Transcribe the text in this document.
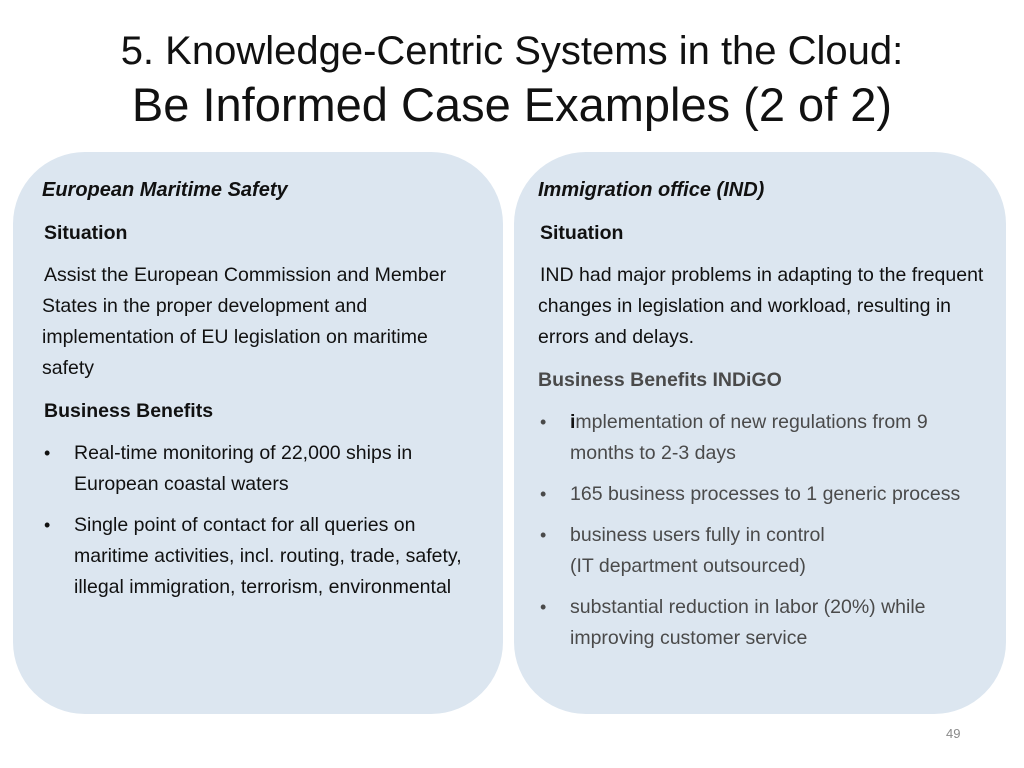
5. Knowledge-Centric Systems in the Cloud:
Be Informed Case Examples (2 of 2)
European Maritime Safety
Situation
Assist the European Commission and Member States in the proper development and implementation of EU legislation on maritime safety
Business Benefits
• Real-time monitoring of 22,000 ships in European coastal waters
• Single point of contact for all queries on maritime activities, incl. routing, trade, safety, illegal immigration, terrorism, environmental
Immigration office (IND)
Situation
IND had major problems in adapting to the frequent changes in legislation and workload, resulting in errors and delays.
Business Benefits INDiGO
• implementation of new regulations from 9 months to 2-3 days
• 165 business processes to 1 generic process
• business users fully in control
(IT department outsourced)
• substantial reduction in labor (20%) while improving customer service
49
